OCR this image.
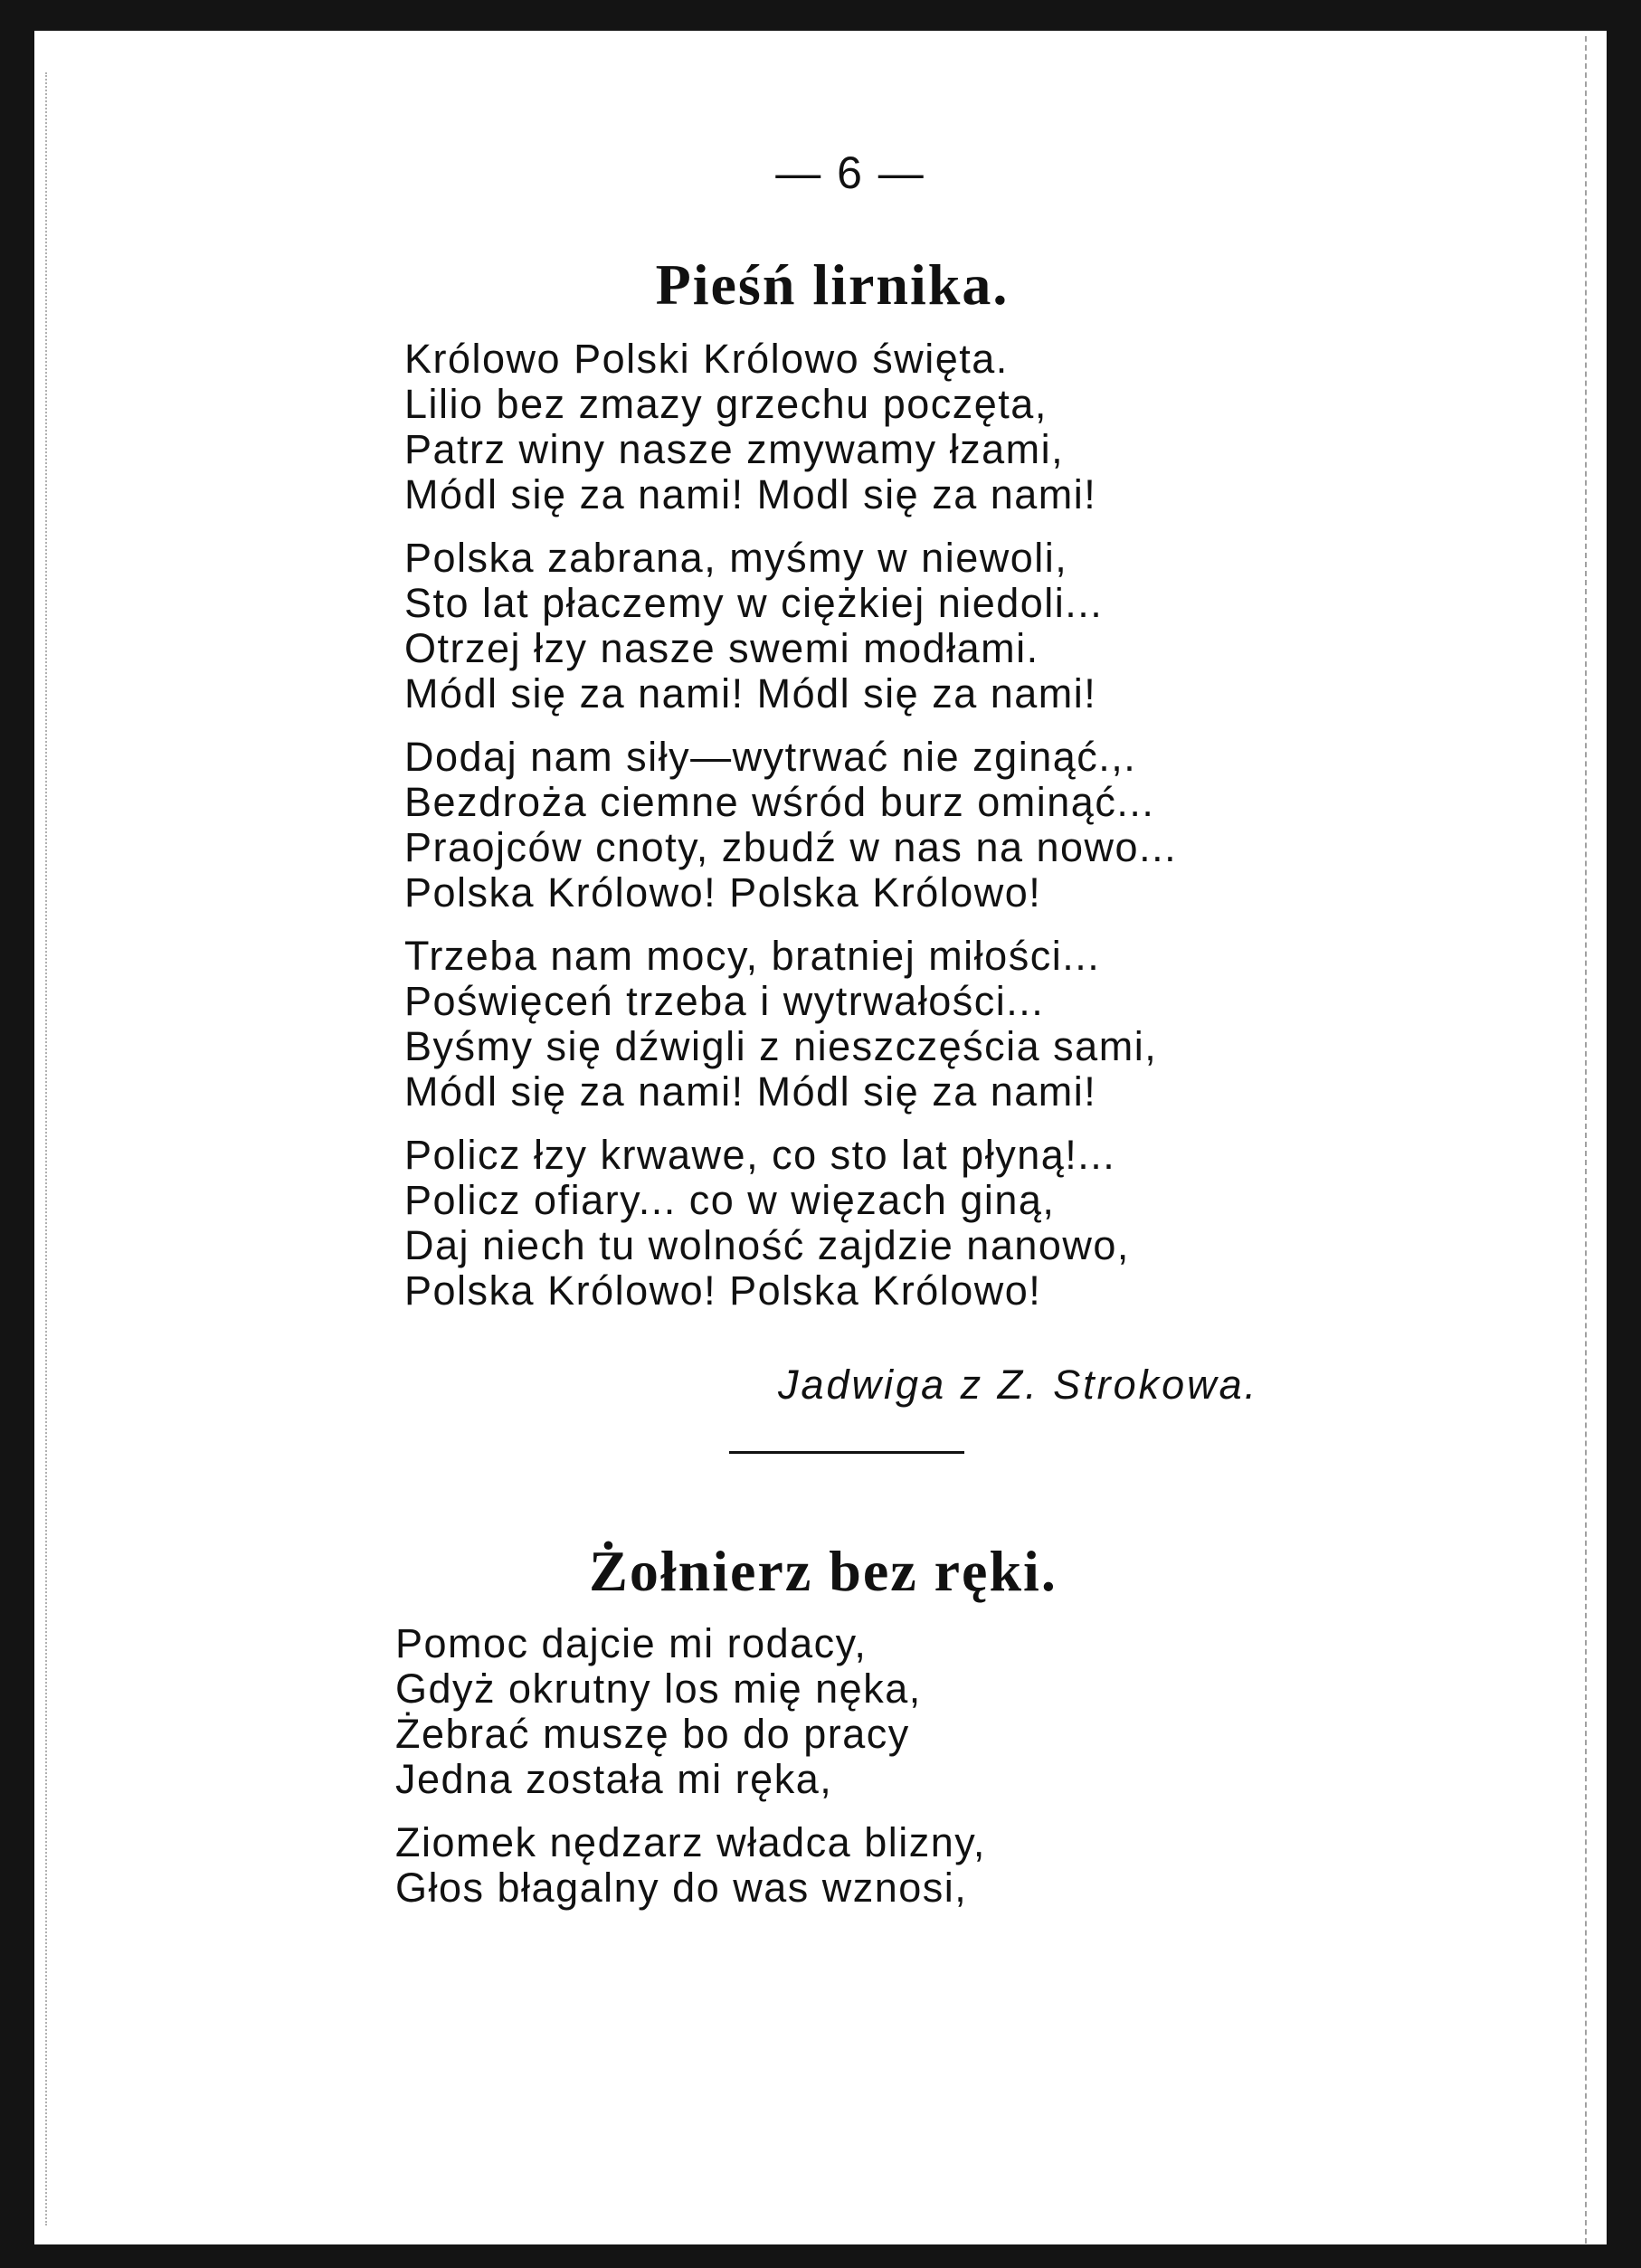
— 6 —
Pieśń lirnika.
Królowo Polski Królowo święta.
Lilio bez zmazy grzechu poczęta,
Patrz winy nasze zmywamy łzami,
Módl się za nami! Modl się za nami!
Polska zabrana, myśmy w niewoli,
Sto lat płaczemy w ciężkiej niedoli...
Otrzej łzy nasze swemi modłami.
Módl się za nami! Módl się za nami!
Dodaj nam siły—wytrwać nie zginąć.,.
Bezdroża ciemne wśród burz ominąć...
Praojców cnoty, zbudź w nas na nowo...
Polska Królowo! Polska Królowo!
Trzeba nam mocy, bratniej miłości...
Poświęceń trzeba i wytrwałości...
Byśmy się dźwigli z nieszczęścia sami,
Módl się za nami! Módl się za nami!
Policz łzy krwawe, co sto lat płyną!...
Policz ofiary... co w więzach giną,
Daj niech tu wolność zajdzie nanowo,
Polska Królowo! Polska Królowo!
Jadwiga z Z. Strokowa.
Żołnierz bez ręki.
Pomoc dajcie mi rodacy,
Gdyż okrutny los mię nęka,
Żebrać muszę bo do pracy
Jedna została mi ręka,
Ziomek nędzarz władca blizny,
Głos błagalny do was wznosi,
